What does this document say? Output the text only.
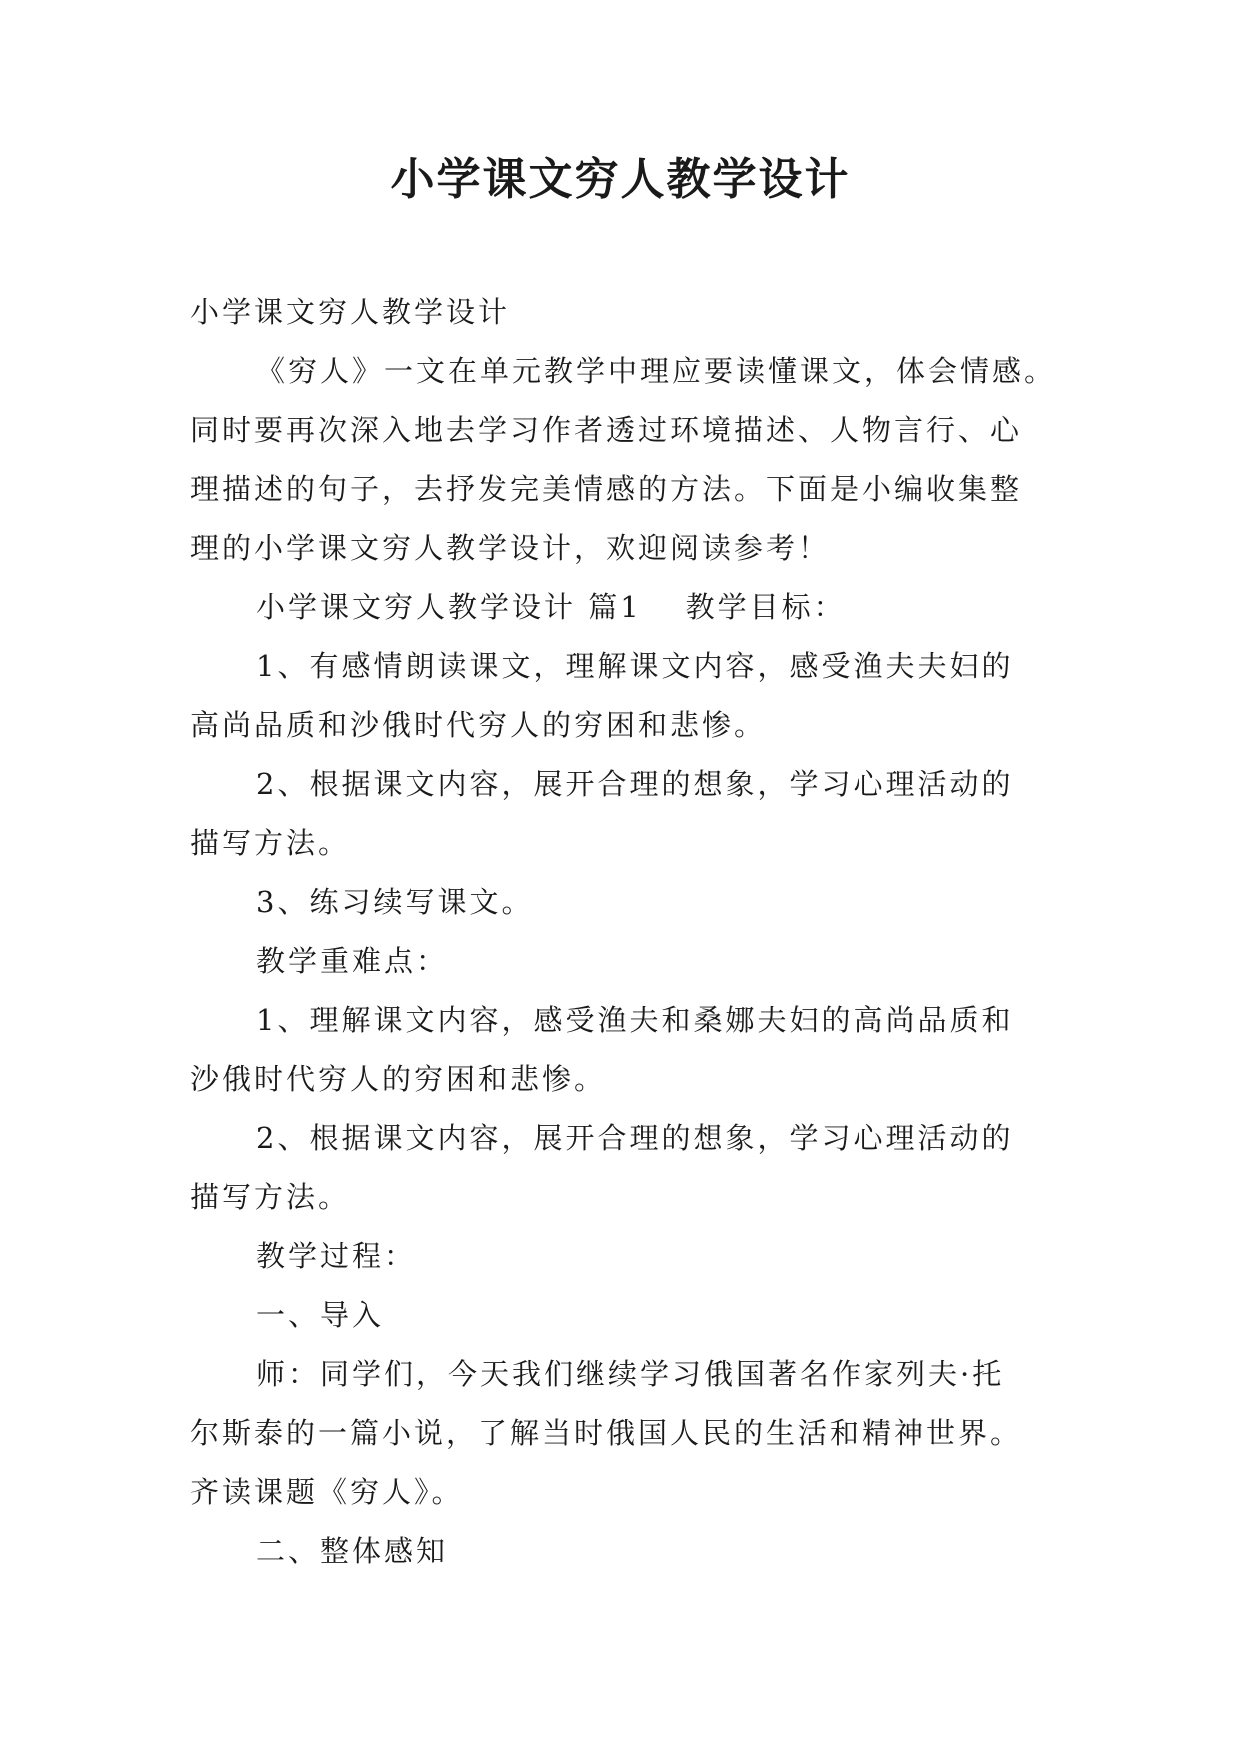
小学课文穷人教学设计
小学课文穷人教学设计
《穷人》一文在单元教学中理应要读懂课文，体会情感。
同时要再次深入地去学习作者透过环境描述、人物言行、心
理描述的句子，去抒发完美情感的方法。下面是小编收集整
理的小学课文穷人教学设计，欢迎阅读参考！
小学课文穷人教学设计 篇1 教学目标：
1、有感情朗读课文，理解课文内容，感受渔夫夫妇的
高尚品质和沙俄时代穷人的穷困和悲惨。
2、根据课文内容，展开合理的想象，学习心理活动的
描写方法。
3、练习续写课文。
教学重难点：
1、理解课文内容，感受渔夫和桑娜夫妇的高尚品质和
沙俄时代穷人的穷困和悲惨。
2、根据课文内容，展开合理的想象，学习心理活动的
描写方法。
教学过程：
一、导入
师：同学们，今天我们继续学习俄国著名作家列夫·托
尔斯泰的一篇小说，了解当时俄国人民的生活和精神世界。
齐读课题《穷人》。
二、整体感知
